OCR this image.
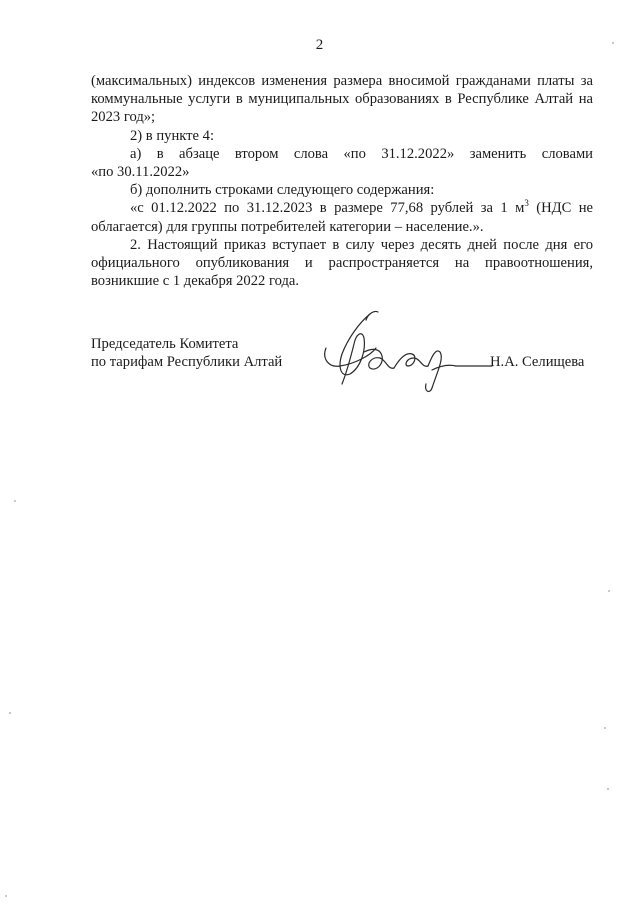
2

(максимальных) индексов изменения размера вносимой гражданами платы за

коммунальные услуги в муниципальных образованиях в Республике Алтай на

2023 год»;

2) в пункте 4:

а) в абзаце втором слова «по 31.12.2022» заменить словами

«по 30.11.2022»

б) дополнить строками следующего содержания:

«с 01.12.2022 по 31.12.2023 в размере 77,68 рублей за 1 $м^3$ (НДС не

облагается) для группы потребителей категории – население.».

2. Настоящий приказ вступает в силу через десять дней после дня его

официального опубликования и распространяется на правоотношения,

возникшие с 1 декабря 2022 года.

Председатель Комитета
по тарифам Республики Алтай	Н.А. Селищева
